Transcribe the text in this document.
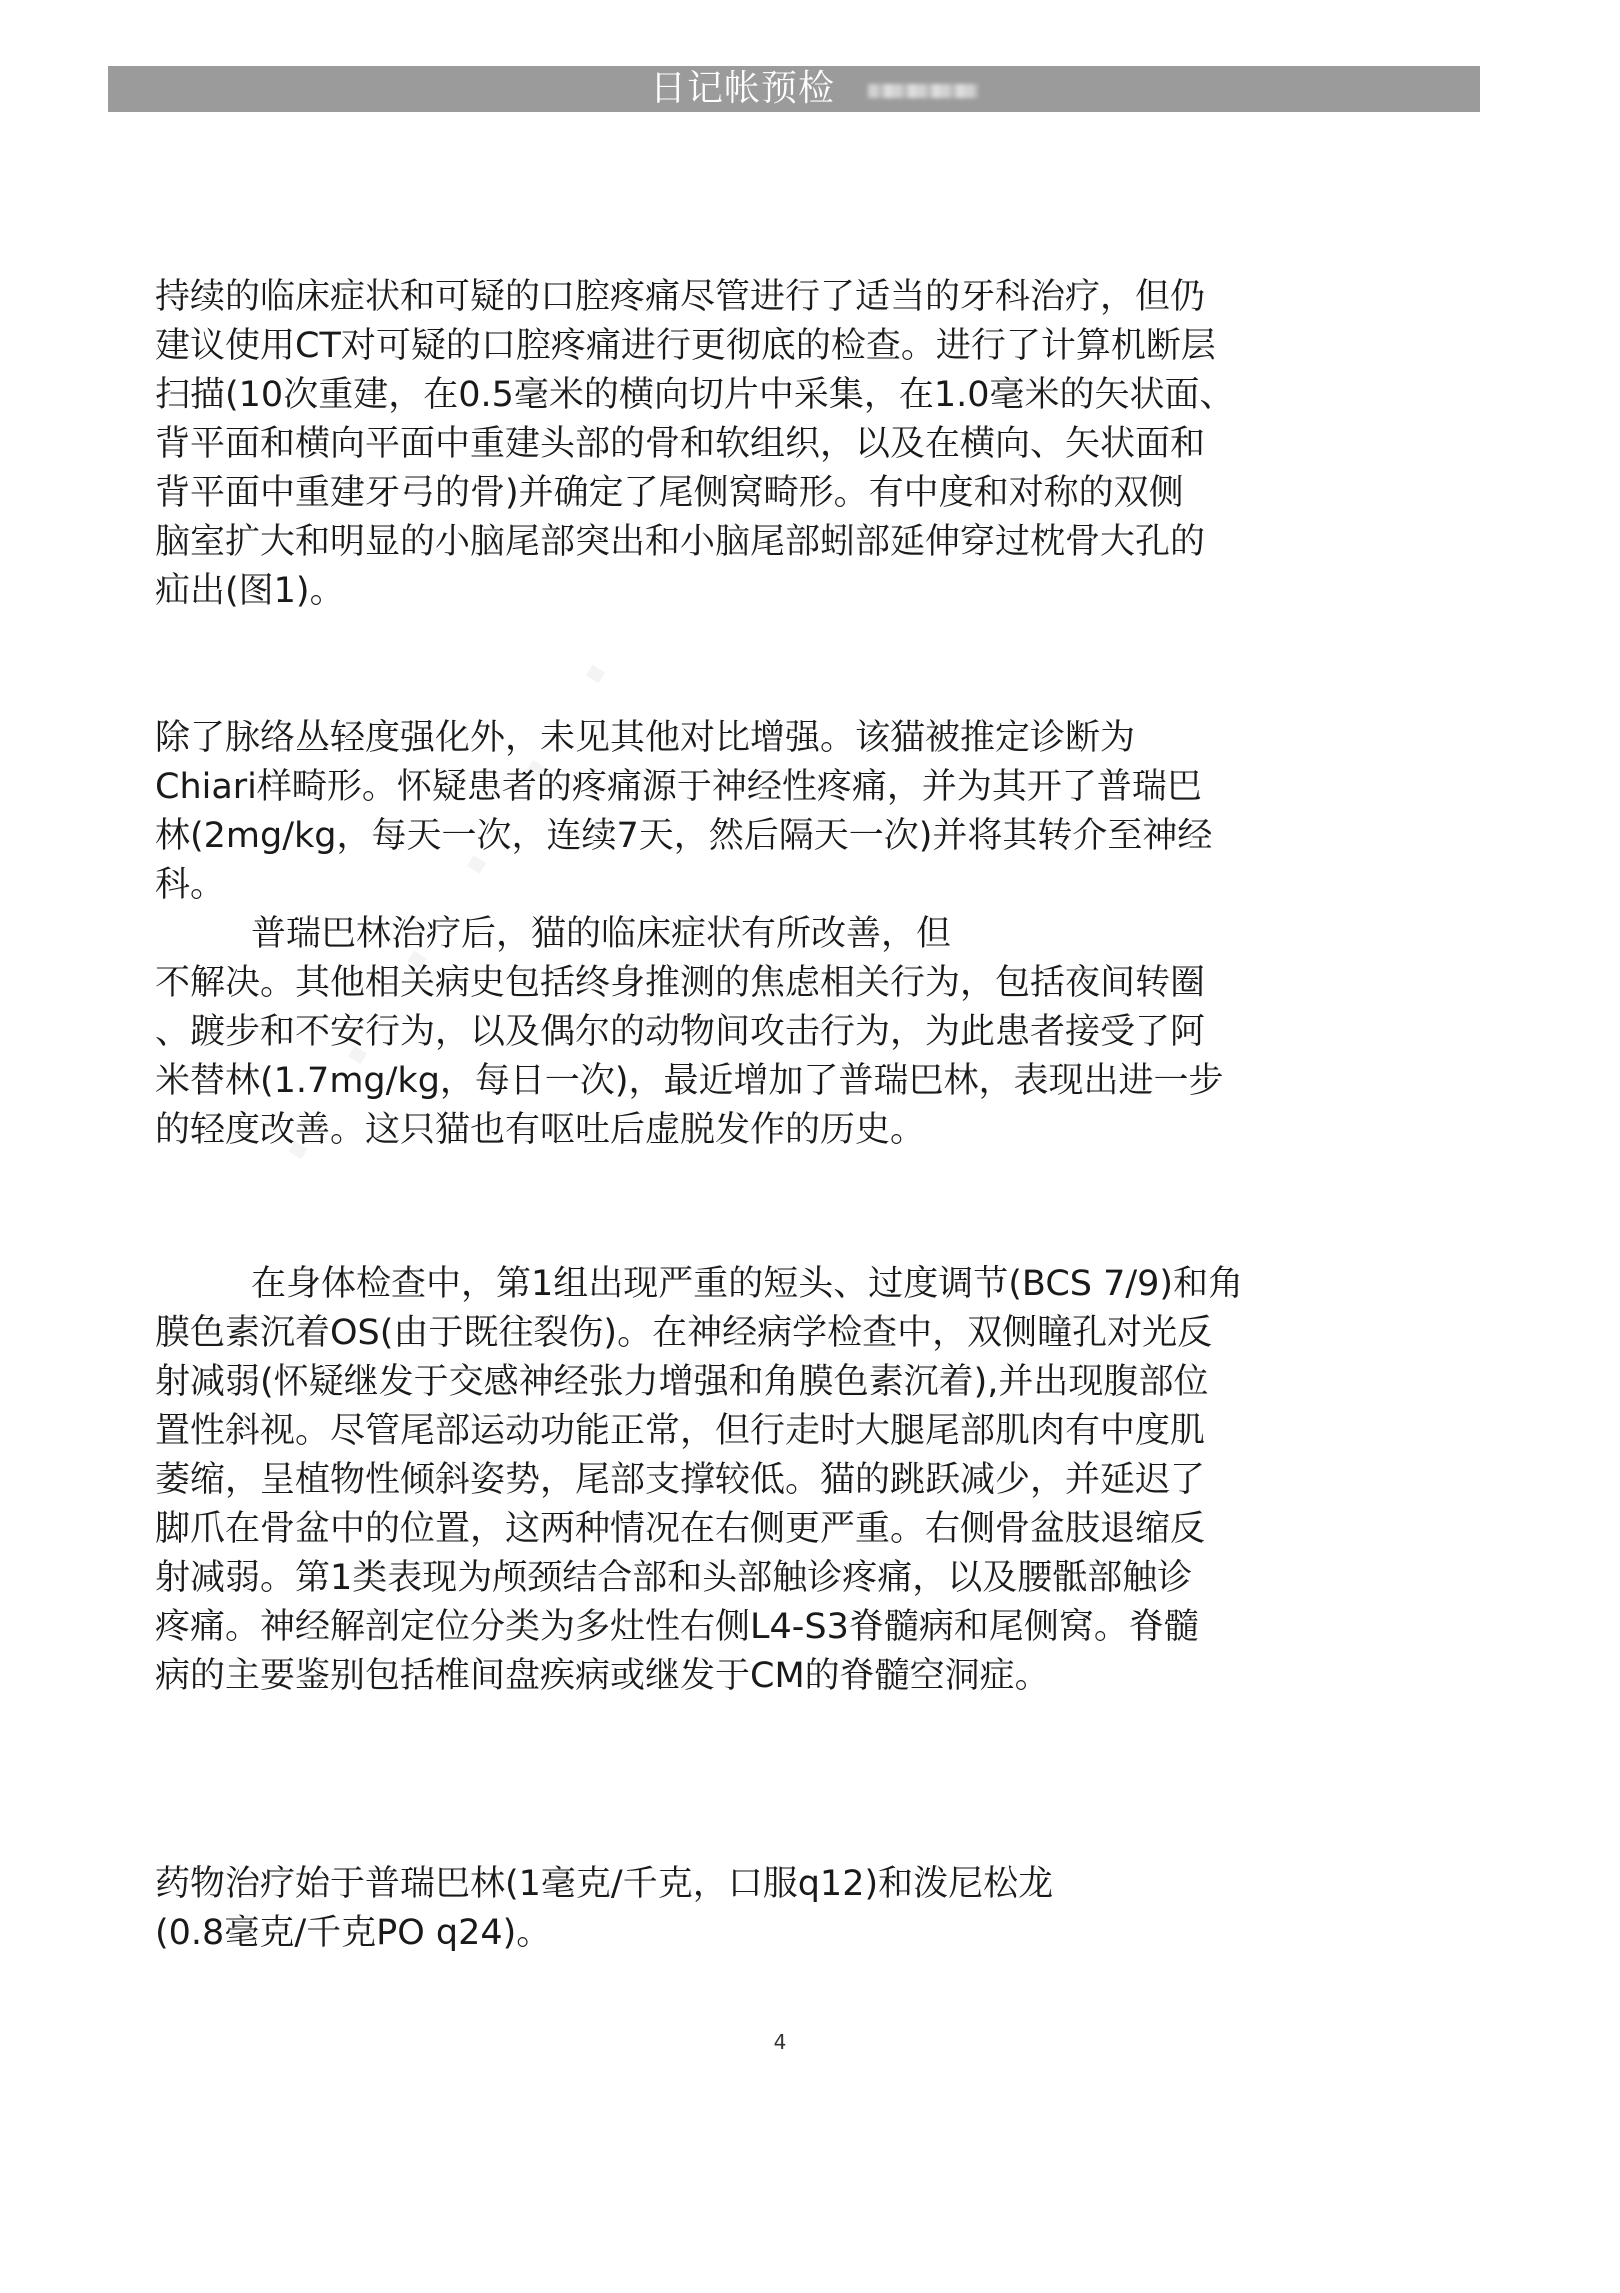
日记帐预检
持续的临床症状和可疑的口腔疼痛尽管进行了适当的牙科治疗，但仍
建议使用CT对可疑的口腔疼痛进行更彻底的检查。进行了计算机断层
扫描(10次重建，在0.5毫米的横向切片中采集，在1.0毫米的矢状面、
背平面和横向平面中重建头部的骨和软组织，以及在横向、矢状面和
背平面中重建牙弓的骨)并确定了尾侧窝畸形。有中度和对称的双侧
脑室扩大和明显的小脑尾部突出和小脑尾部蚓部延伸穿过枕骨大孔的
疝出(图1)。
除了脉络丛轻度强化外，未见其他对比增强。该猫被推定诊断为
Chiari样畸形。怀疑患者的疼痛源于神经性疼痛，并为其开了普瑞巴
林(2mg/kg，每天一次，连续7天，然后隔天一次)并将其转介至神经
科。
普瑞巴林治疗后，猫的临床症状有所改善，但
不解决。其他相关病史包括终身推测的焦虑相关行为，包括夜间转圈
、踱步和不安行为，以及偶尔的动物间攻击行为，为此患者接受了阿
米替林(1.7mg/kg，每日一次)，最近增加了普瑞巴林，表现出进一步
的轻度改善。这只猫也有呕吐后虚脱发作的历史。
在身体检查中，第1组出现严重的短头、过度调节(BCS 7/9)和角
膜色素沉着OS(由于既往裂伤)。在神经病学检查中，双侧瞳孔对光反
射减弱(怀疑继发于交感神经张力增强和角膜色素沉着),并出现腹部位
置性斜视。尽管尾部运动功能正常，但行走时大腿尾部肌肉有中度肌
萎缩，呈植物性倾斜姿势，尾部支撑较低。猫的跳跃减少，并延迟了
脚爪在骨盆中的位置，这两种情况在右侧更严重。右侧骨盆肢退缩反
射减弱。第1类表现为颅颈结合部和头部触诊疼痛，以及腰骶部触诊
疼痛。神经解剖定位分类为多灶性右侧L4-S3脊髓病和尾侧窝。脊髓
病的主要鉴别包括椎间盘疾病或继发于CM的脊髓空洞症。
药物治疗始于普瑞巴林(1毫克/千克，口服q12)和泼尼松龙
(0.8毫克/千克PO q24)。
4
